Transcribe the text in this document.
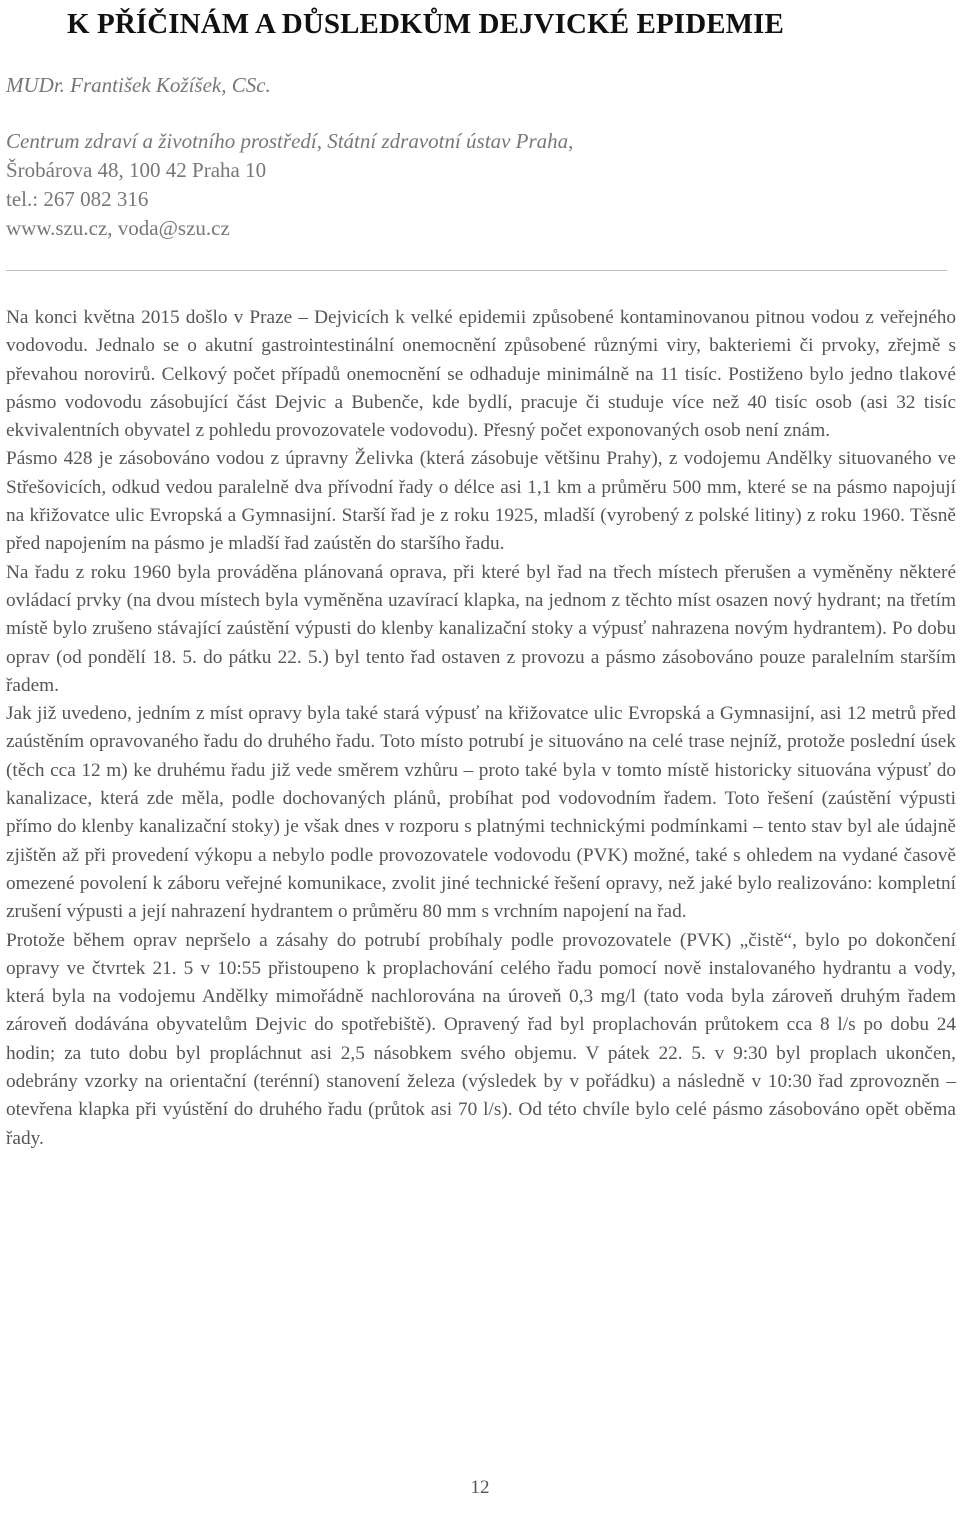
K PŘÍČINÁM A DŮSLEDKŮM DEJVICKÉ EPIDEMIE
MUDr. František Kožíšek, CSc.
Centrum zdraví a životního prostředí, Státní zdravotní ústav Praha,
Šrobárova 48, 100 42 Praha 10
tel.: 267 082 316
www.szu.cz, voda@szu.cz

Na konci května 2015 došlo v Praze – Dejvicích k velké epidemii způsobené kontaminovanou pitnou vodou z veřejného vodovodu. Jednalo se o akutní gastrointestinální onemocnění způsobené různými viry, bakteriemi či prvoky, zřejmě s převahou norovirů. Celkový počet případů onemocnění se odhaduje minimálně na 11 tisíc. Postiženo bylo jedno tlakové pásmo vodovodu zásobující část Dejvic a Bubenče, kde bydlí, pracuje či studuje více než 40 tisíc osob (asi 32 tisíc ekvivalentních obyvatel z pohledu provozovatele vodovodu). Přesný počet exponovaných osob není znám.

Pásmo 428 je zásobováno vodou z úpravny Želivka (která zásobuje většinu Prahy), z vodojemu Andělky situovaného ve Střešovicích, odkud vedou paralelně dva přívodní řady o délce asi 1,1 km a průměru 500 mm, které se na pásmo napojují na křižovatce ulic Evropská a Gymnasijní. Starší řad je z roku 1925, mladší (vyrobený z polské litiny) z roku 1960. Těsně před napojením na pásmo je mladší řad zaústěn do staršího řadu.

Na řadu z roku 1960 byla prováděna plánovaná oprava, při které byl řad na třech místech přerušen a vyměněny některé ovládací prvky (na dvou místech byla vyměněna uzavírací klapka, na jednom z těchto míst osazen nový hydrant; na třetím místě bylo zrušeno stávající zaústění výpusti do klenby kanalizační stoky a výpusť nahrazena novým hydrantem). Po dobu oprav (od pondělí 18. 5. do pátku 22. 5.) byl tento řad ostaven z provozu a pásmo zásobováno pouze paralelním starším řadem.

Jak již uvedeno, jedním z míst opravy byla také stará výpusť na křižovatce ulic Evropská a Gymnasijní, asi 12 metrů před zaústěním opravovaného řadu do druhého řadu. Toto místo potrubí je situováno na celé trase nejníž, protože poslední úsek (těch cca 12 m) ke druhému řadu již vede směrem vzhůru – proto také byla v tomto místě historicky situována výpusť do kanalizace, která zde měla, podle dochovaných plánů, probíhat pod vodovodním řadem. Toto řešení (zaústění výpusti přímo do klenby kanalizační stoky) je však dnes v rozporu s platnými technickými podmínkami – tento stav byl ale údajně zjištěn až při provedení výkopu a nebylo podle provozovatele vodovodu (PVK) možné, také s ohledem na vydané časově omezené povolení k záboru veřejné komunikace, zvolit jiné technické řešení opravy, než jaké bylo realizováno: kompletní zrušení výpusti a její nahrazení hydrantem o průměru 80 mm s vrchním napojení na řad.

Protože během oprav nepršelo a zásahy do potrubí probíhaly podle provozovatele (PVK) „čistě“, bylo po dokončení opravy ve čtvrtek 21. 5 v 10:55 přistoupeno k proplachování celého řadu pomocí nově instalovaného hydrantu a vody, která byla na vodojemu Andělky mimořádně nachlorována na úroveň 0,3 mg/l (tato voda byla zároveň druhým řadem zároveň dodávána obyvatelům Dejvic do spotřebiště). Opravený řad byl proplachován průtokem cca 8 l/s po dobu 24 hodin; za tuto dobu byl propláchnut asi 2,5 násobkem svého objemu. V pátek 22. 5. v 9:30 byl proplach ukončen, odebrány vzorky na orientační (terénní) stanovení železa (výsledek by v pořádku) a následně v 10:30 řad zprovozněn – otevřena klapka při vyústění do druhého řadu (průtok asi 70 l/s). Od této chvíle bylo celé pásmo zásobováno opět oběma řady.

12
